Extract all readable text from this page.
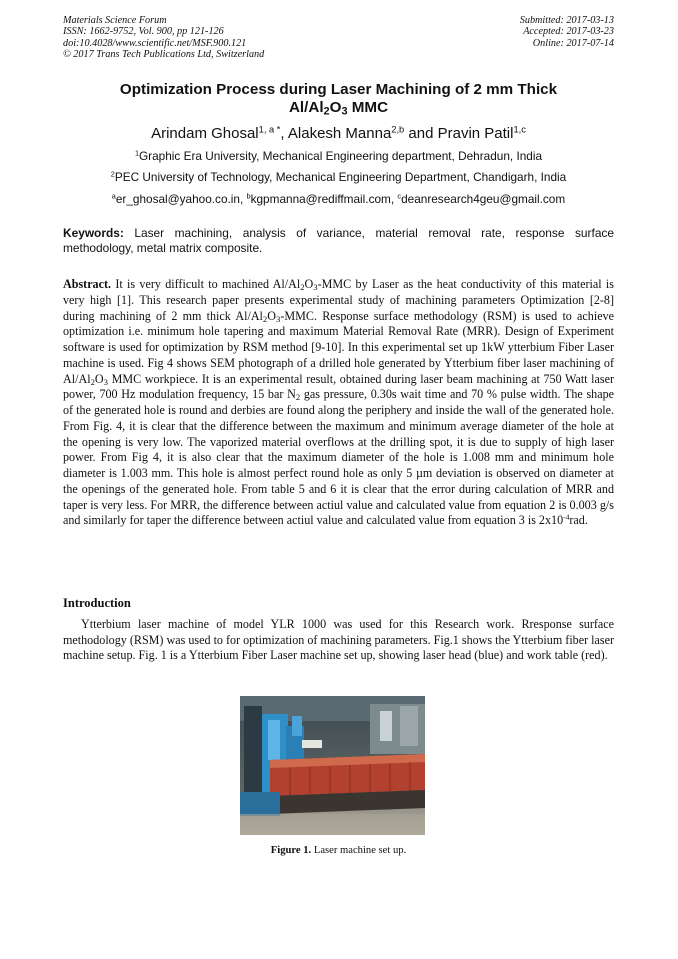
Materials Science Forum
ISSN: 1662-9752, Vol. 900, pp 121-126
doi:10.4028/www.scientific.net/MSF.900.121
© 2017 Trans Tech Publications Ltd, Switzerland
Submitted: 2017-03-13
Accepted: 2017-03-23
Online: 2017-07-14
Optimization Process during Laser Machining of 2 mm Thick
$Al/Al_2O_3$ MMC
Arindam Ghosal$^{1, a *}$, Alakesh Manna$^{2,b}$ and Pravin Patil$^{1,c}$
$^1$Graphic Era University, Mechanical Engineering department, Dehradun, India
$^2$PEC University of Technology, Mechanical Engineering Department, Chandigarh, India
$^a$er_ghosal@yahoo.co.in, $^b$kgpmanna@rediffmail.com, $^c$deanresearch4geu@gmail.com
Keywords: Laser machining, analysis of variance, material removal rate, response surface methodology, metal matrix composite.
Abstract. It is very difficult to machined $Al/Al_2O_3$-MMC by Laser as the heat conductivity of this material is very high [1]. This research paper presents experimental study of machining parameters Optimization [2-8] during machining of 2 mm thick $Al/Al_2O_3$-MMC. Response surface methodology (RSM) is used to achieve optimization i.e. minimum hole tapering and maximum Material Removal Rate (MRR). Design of Experiment software is used for optimization by RSM method [9-10]. In this experimental set up 1kW ytterbium Fiber Laser machine is used. Fig 4 shows SEM photograph of a drilled hole generated by Ytterbium fiber laser machining of $Al/Al_2O_3$ MMC workpiece. It is an experimental result, obtained during laser beam machining at 750 Watt laser power, 700 Hz modulation frequency, 15 bar $N_2$ gas pressure, 0.30s wait time and 70 % pulse width. The shape of the generated hole is round and derbies are found along the periphery and inside the wall of the generated hole. From Fig. 4, it is clear that the difference between the maximum and minimum average diameter of the hole at the opening is very low. The vaporized material overflows at the drilling spot, it is due to supply of high laser power. From Fig 4, it is also clear that the maximum diameter of the hole is 1.008 mm and minimum hole diameter is 1.003 mm. This hole is almost perfect round hole as only 5 µm deviation is observed on diameter at the openings of the generated hole. From table 5 and 6 it is clear that the error during calculation of MRR and taper is very less. For MRR, the difference between actiul value and calculated value from equation 2 is 0.003 g/s and similarly for taper the difference between actiul value and calculated value from equation 3 is $2x10^{-4}rad$.
Introduction
Ytterbium laser machine of model YLR 1000 was used for this Research work. Rresponse surface methodology (RSM) was used to for optimization of machining parameters. Fig.1 shows the Ytterbium fiber laser machine setup. Fig. 1 is a Ytterbium Fiber Laser machine set up, showing laser head (blue) and work table (red).
Figure 1. Laser machine set up.
